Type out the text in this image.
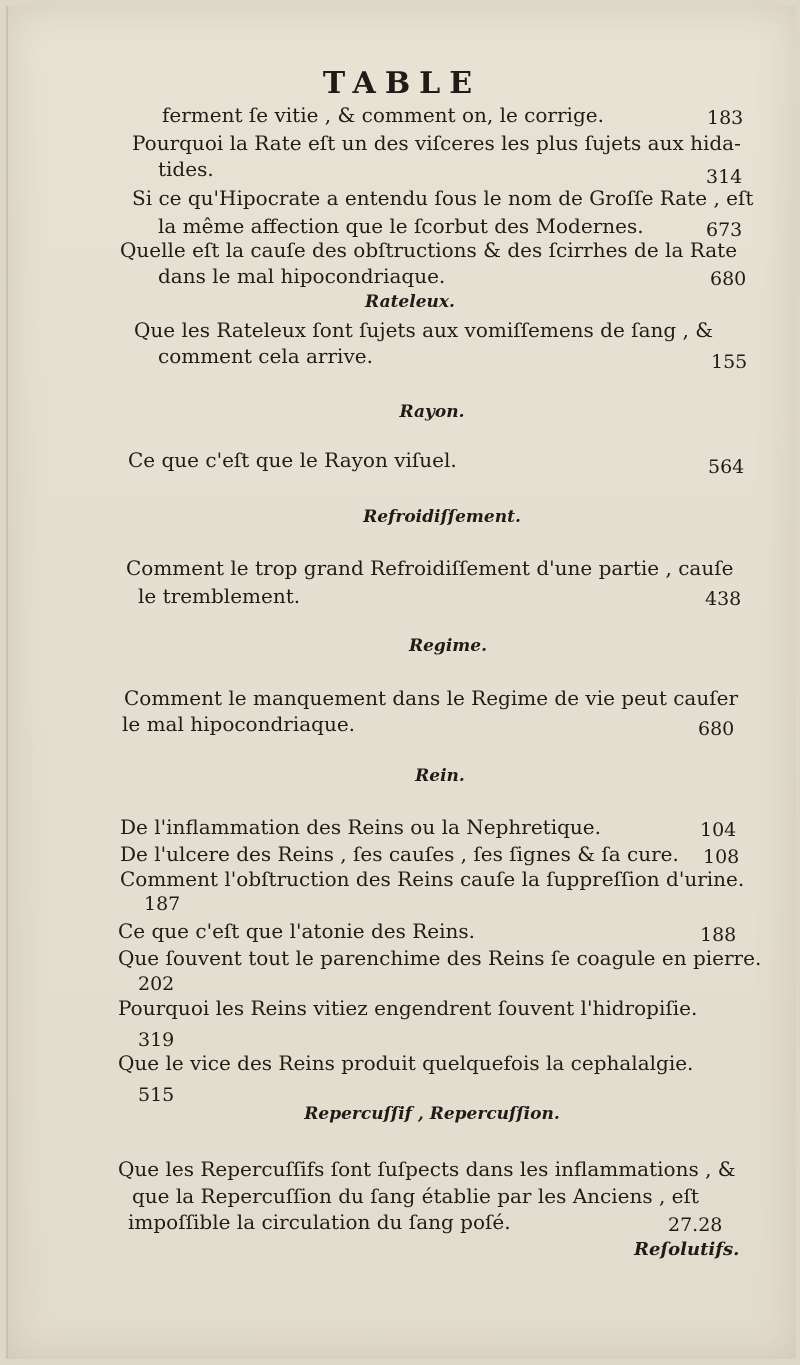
TABLE
ferment ſe vitie , & comment on, le corrige.	183
Pourquoi la Rate eſt un des viſceres les plus ſujets aux hida-
tides.	314
Si ce qu'Hipocrate a entendu ſous le nom de Groſſe Rate , eſt
la même affection que le ſcorbut des Modernes.	673
Quelle eſt la cauſe des obſtructions & des ſcirrhes de la Rate
dans le mal hipocondriaque.	680
Rateleux.
Que les Rateleux ſont ſujets aux vomiſſemens de ſang , &
comment cela arrive.	155
Rayon.
Ce que c'eſt que le Rayon viſuel.	564
Refroidiſſement.
Comment le trop grand Refroidiſſement d'une partie , cauſe
le tremblement.	438
Regime.
Comment le manquement dans le Regime de vie peut cauſer
le mal hipocondriaque.	680
Rein.
De l'inflammation des Reins ou la Nephretique.	104
De l'ulcere des Reins , ſes cauſes , ſes ſignes & ſa cure. 108
Comment l'obſtruction des Reins cauſe la ſuppreſſion d'urine.
187
Ce que c'eſt que l'atonie des Reins.	188
Que ſouvent tout le parenchime des Reins ſe coagule en pierre.
202
Pourquoi les Reins vitiez engendrent ſouvent l'hidropiſie.
319
Que le vice des Reins produit quelquefois la cephalalgie.
515
Repercuſſif , Repercuſſion.
Que les Repercuſſifs ſont ſuſpects dans les inflammations , &
que la Repercuſſion du ſang établie par les Anciens , eſt
impoſſible la circulation du ſang poſé.	27.28
Reſolutifs.
